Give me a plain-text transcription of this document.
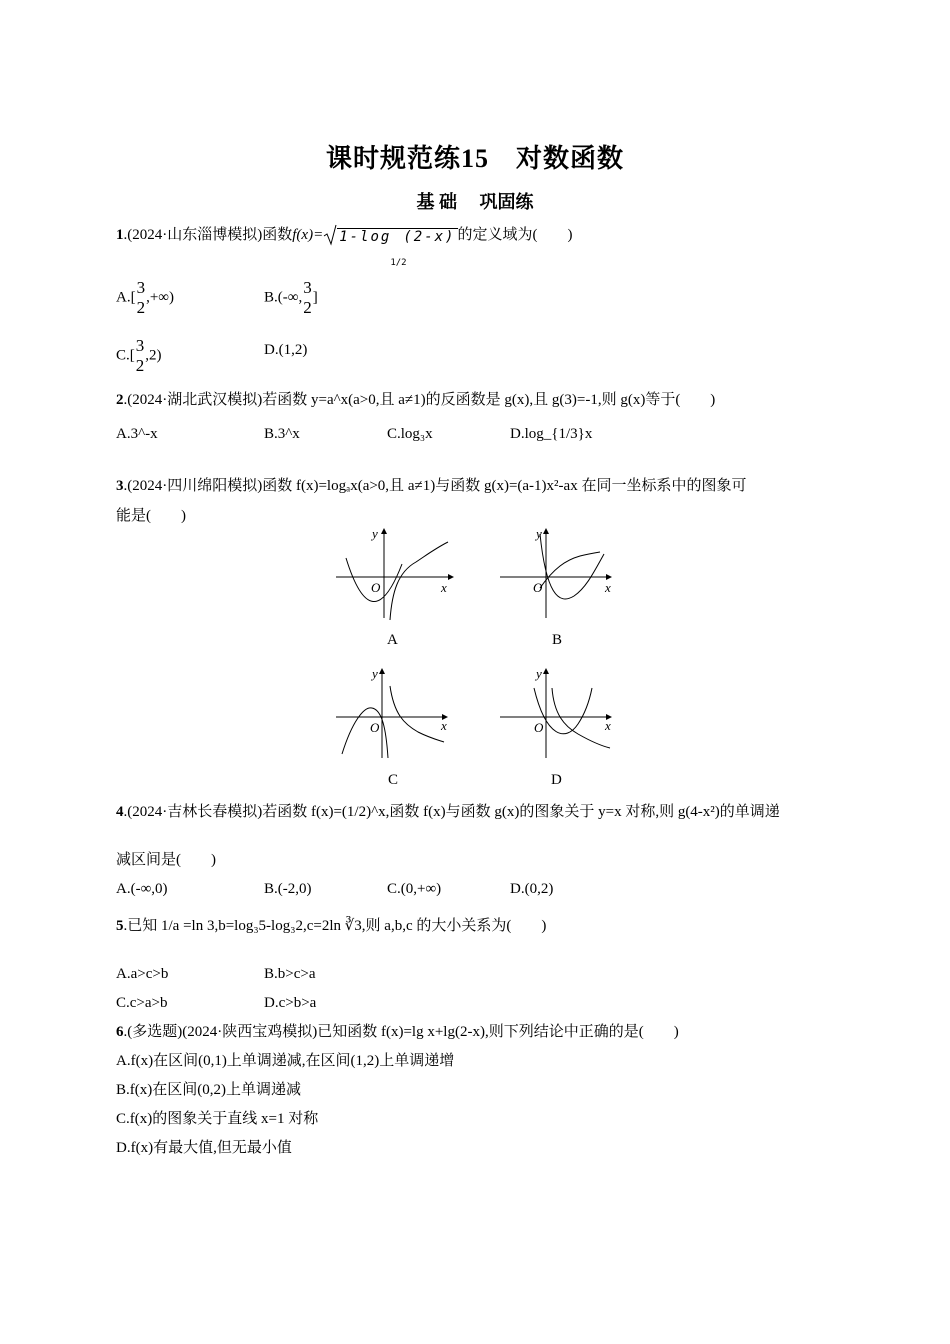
课时规范练15　对数函数
基 础　 巩固练
1.(2024·山东淄博模拟)函数f(x)= 1-log
1/2
(2-x) 的定义域为(　　)
A.[
3
2
,+∞)	B.(-∞,
3
2
]
C.[
3
2
,2)	D.(1,2)
2.(2024·湖北武汉模拟)若函数 y=a^x(a>0,且 a≠1)的反函数是 g(x),且 g(3)=-1,则 g(x)等于(　　)
A.3^-x	B.3^x	C.log₃x	D.log_{1/3}x
3.(2024·四川绵阳模拟)函数 f(x)=logₐx(a>0,且 a≠1)与函数 g(x)=(a-1)x²-ax 在同一坐标系中的图象可
能是(　　)
y
x
O
A
y
x
O
B
y
x
O
C
y
x
O
D
4.(2024·吉林长春模拟)若函数 f(x)=(1/2)^x,函数 f(x)与函数 g(x)的图象关于 y=x 对称,则 g(4-x²)的单调递
减区间是(　　)
A.(-∞,0)	B.(-2,0)	C.(0,+∞)	D.(0,2)
5.已知 1/a =ln 3,b=log₃5-log₃2,c=2ln ∛3,则 a,b,c 的大小关系为(　　)
A.a>c>b	B.b>c>a
C.c>a>b	D.c>b>a
6.(多选题)(2024·陕西宝鸡模拟)已知函数 f(x)=lg x+lg(2-x),则下列结论中正确的是(　　)
A.f(x)在区间(0,1)上单调递减,在区间(1,2)上单调递增
B.f(x)在区间(0,2)上单调递减
C.f(x)的图象关于直线 x=1 对称
D.f(x)有最大值,但无最小值
